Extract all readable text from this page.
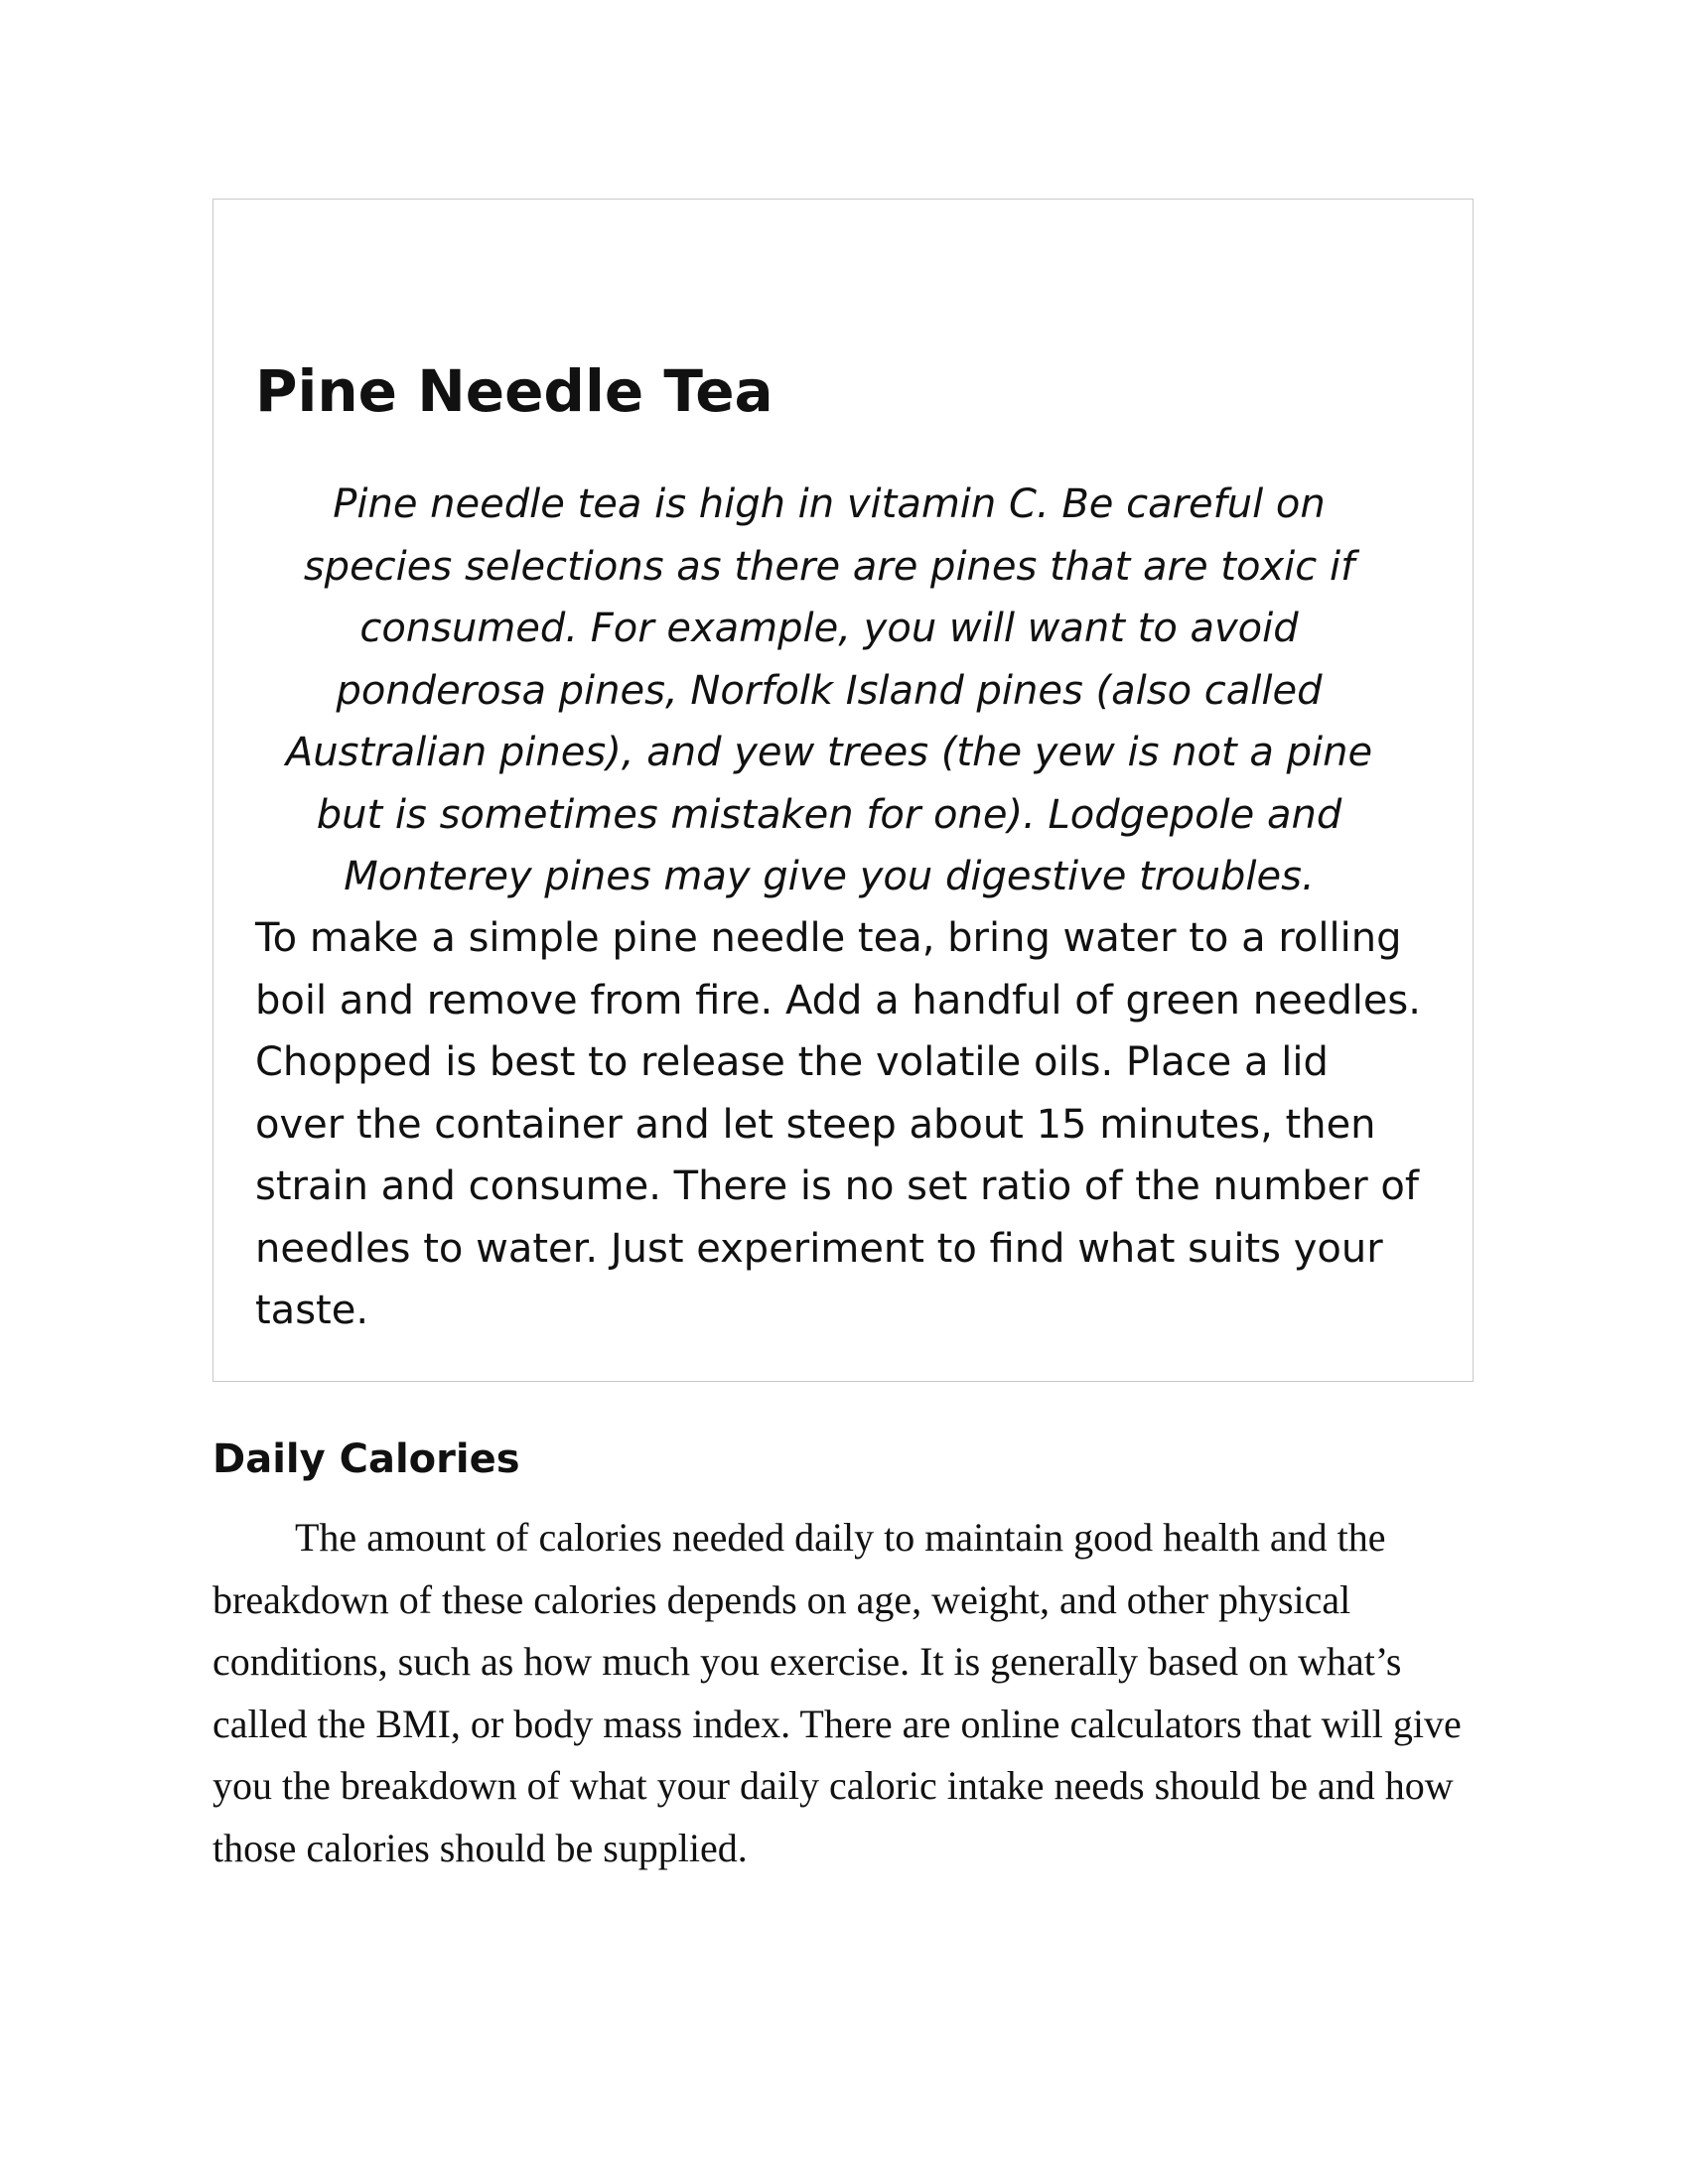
Pine Needle Tea

Pine needle tea is high in vitamin C. Be careful on species selections as there are pines that are toxic if consumed. For example, you will want to avoid ponderosa pines, Norfolk Island pines (also called Australian pines), and yew trees (the yew is not a pine but is sometimes mistaken for one). Lodgepole and Monterey pines may give you digestive troubles.

To make a simple pine needle tea, bring water to a rolling boil and remove from fire. Add a handful of green needles. Chopped is best to release the volatile oils. Place a lid over the container and let steep about 15 minutes, then strain and consume. There is no set ratio of the number of needles to water. Just experiment to find what suits your taste.

Daily Calories

The amount of calories needed daily to maintain good health and the breakdown of these calories depends on age, weight, and other physical conditions, such as how much you exercise. It is generally based on what’s called the BMI, or body mass index. There are online calculators that will give you the breakdown of what your daily caloric intake needs should be and how those calories should be supplied.
